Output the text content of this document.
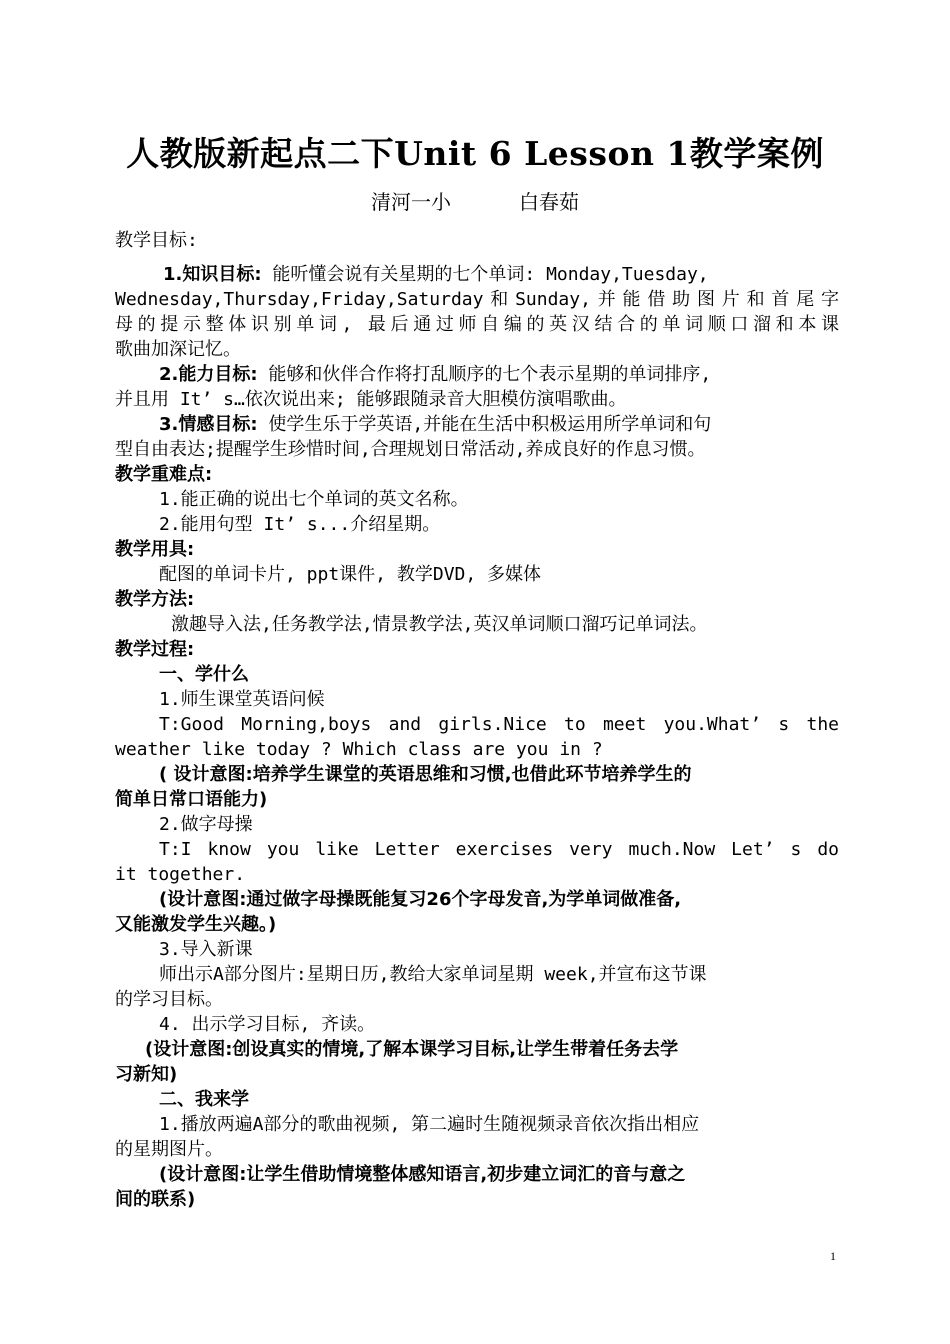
人教版新起点二下Unit 6 Lesson 1教学案例
清河一小	白春茹
教学目标:
1.知识目标: 能听懂会说有关星期的七个单词: Monday,Tuesday,
Wednesday,Thursday,Friday,Saturday和Sunday,并能借助图片和首尾字
母的提示整体识别单词, 最后通过师自编的英汉结合的单词顺口溜和本课
歌曲加深记忆。
2.能力目标: 能够和伙伴合作将打乱顺序的七个表示星期的单词排序,
并且用 It’ s…依次说出来; 能够跟随录音大胆模仿演唱歌曲。
3.情感目标: 使学生乐于学英语,并能在生活中积极运用所学单词和句
型自由表达;提醒学生珍惜时间,合理规划日常活动,养成良好的作息习惯。
教学重难点:
1.能正确的说出七个单词的英文名称。
2.能用句型 It’ s...介绍星期。
教学用具:
配图的单词卡片, ppt课件, 教学DVD, 多媒体
教学方法:
激趣导入法,任务教学法,情景教学法,英汉单词顺口溜巧记单词法。
教学过程:
一、学什么
1.师生课堂英语问候
T:Good Morning,boys and girls.Nice to meet you.What’ s the
weather like today ? Which class are you in ?
( 设计意图:培养学生课堂的英语思维和习惯,也借此环节培养学生的
简单日常口语能力)
2.做字母操
T:I know you like Letter exercises very much.Now Let’ s do
it together.
(设计意图:通过做字母操既能复习26个字母发音,为学单词做准备,
又能激发学生兴趣。)
3.导入新课
师出示A部分图片:星期日历,教给大家单词星期 week,并宣布这节课
的学习目标。
4. 出示学习目标, 齐读。
(设计意图:创设真实的情境,了解本课学习目标,让学生带着任务去学
习新知)
二、我来学
1.播放两遍A部分的歌曲视频, 第二遍时生随视频录音依次指出相应
的星期图片。
(设计意图:让学生借助情境整体感知语言,初步建立词汇的音与意之
间的联系)
1
